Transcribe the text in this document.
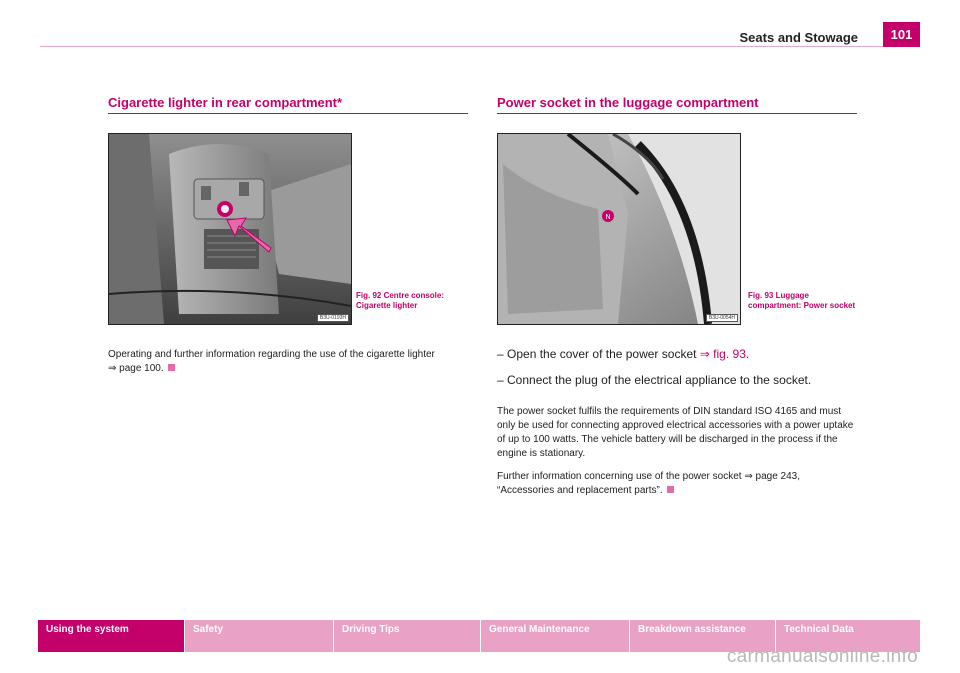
Seats and Stowage	101
Cigarette lighter in rear compartment*
B3U-0193H
Fig. 92 Centre console: Cigarette lighter
Operating and further information regarding the use of the cigarette lighter
⇒ page 100.
Power socket in the luggage compartment
N
B3U-0054H
Fig. 93 Luggage compartment: Power socket
– Open the cover of the power socket ⇒ fig. 93.
– Connect the plug of the electrical appliance to the socket.
The power socket fulfils the requirements of DIN standard ISO 4165 and must only be used for connecting approved electrical accessories with a power uptake of up to 100 watts. The vehicle battery will be discharged in the process if the engine is stationary.
Further information concerning use of the power socket ⇒ page 243,
“Accessories and replacement parts”.
Using the system	Safety	Driving Tips	General Maintenance	Breakdown assistance	Technical Data
carmanualsonline.info
